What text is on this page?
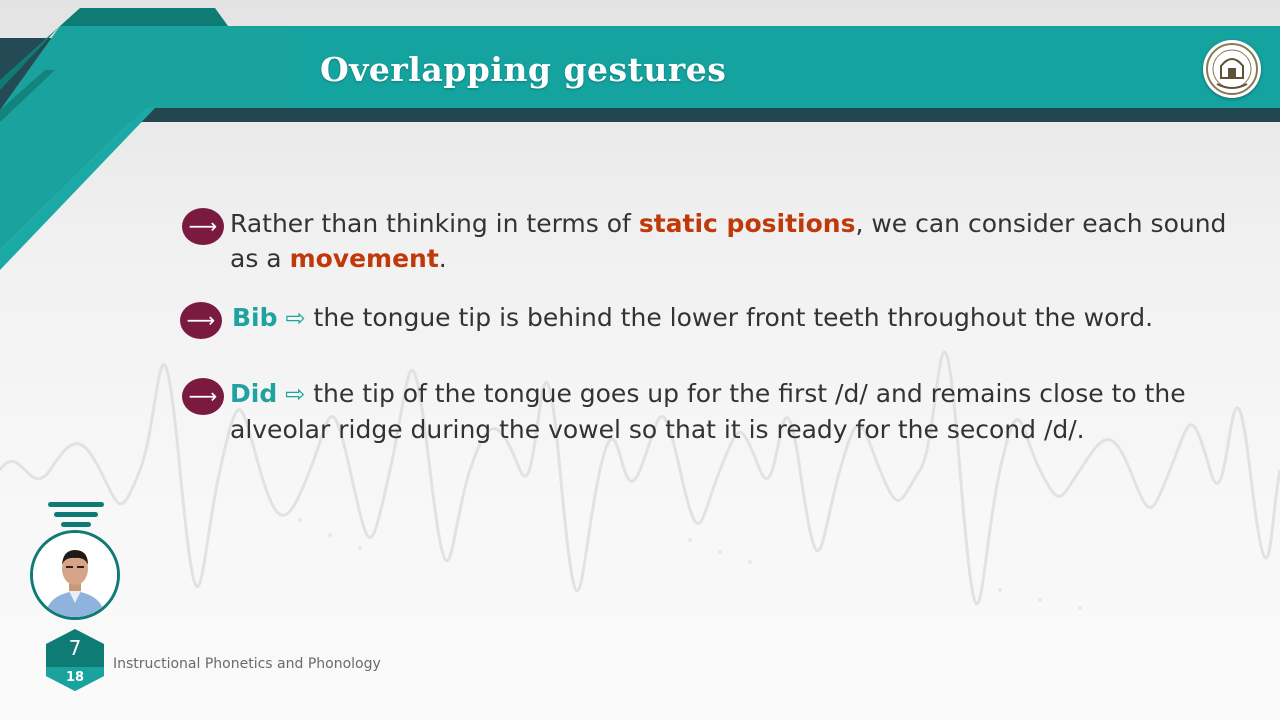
Overlapping gestures
⟶ Rather than thinking in terms of static positions, we can consider each sound as a movement.
⟶ Bib ⇨ the tongue tip is behind the lower front teeth throughout the word.
⟶ Did ⇨ the tip of the tongue goes up for the first /d/ and remains close to the alveolar ridge during the vowel so that it is ready for the second /d/.
7
18
Instructional Phonetics and Phonology
